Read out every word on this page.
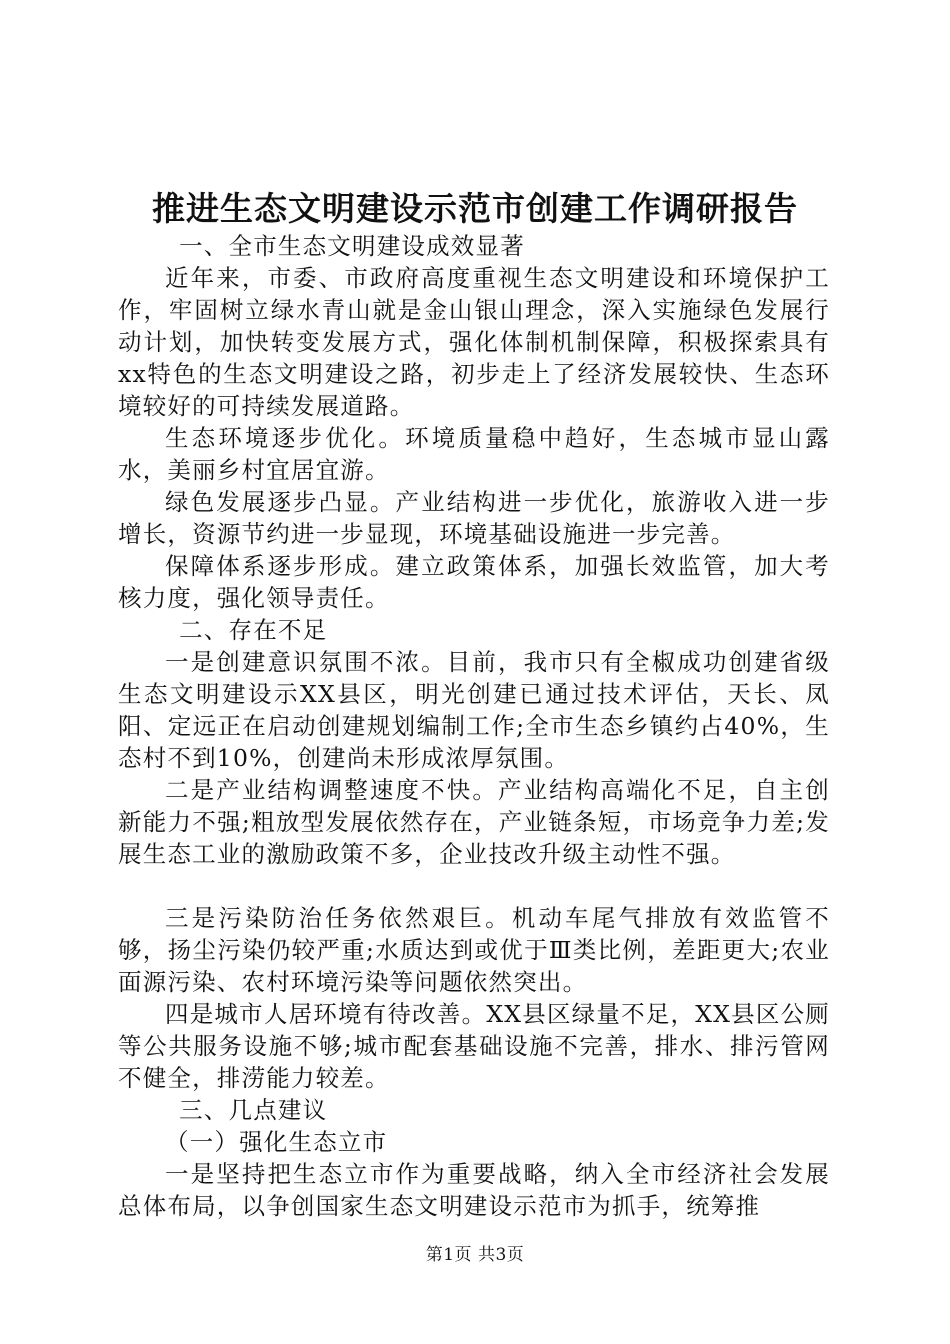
推进生态文明建设示范市创建工作调研报告

一、全市生态文明建设成效显著

近年来，市委、市政府高度重视生态文明建设和环境保护工作，牢固树立绿水青山就是金山银山理念，深入实施绿色发展行动计划，加快转变发展方式，强化体制机制保障，积极探索具有xx特色的生态文明建设之路，初步走上了经济发展较快、生态环境较好的可持续发展道路。

生态环境逐步优化。环境质量稳中趋好，生态城市显山露水，美丽乡村宜居宜游。

绿色发展逐步凸显。产业结构进一步优化，旅游收入进一步增长，资源节约进一步显现，环境基础设施进一步完善。

保障体系逐步形成。建立政策体系，加强长效监管，加大考核力度，强化领导责任。

二、存在不足

一是创建意识氛围不浓。目前，我市只有全椒成功创建省级生态文明建设示XX县区，明光创建已通过技术评估，天长、凤阳、定远正在启动创建规划编制工作;全市生态乡镇约占40%，生态村不到10%，创建尚未形成浓厚氛围。

二是产业结构调整速度不快。产业结构高端化不足，自主创新能力不强;粗放型发展依然存在，产业链条短，市场竞争力差;发展生态工业的激励政策不多，企业技改升级主动性不强。

三是污染防治任务依然艰巨。机动车尾气排放有效监管不够，扬尘污染仍较严重;水质达到或优于Ⅲ类比例，差距更大;农业面源污染、农村环境污染等问题依然突出。

四是城市人居环境有待改善。XX县区绿量不足，XX县区公厕等公共服务设施不够;城市配套基础设施不完善，排水、排污管网不健全，排涝能力较差。

三、几点建议

（一）强化生态立市

一是坚持把生态立市作为重要战略，纳入全市经济社会发展总体布局，以争创国家生态文明建设示范市为抓手，统筹推

第1页 共3页
